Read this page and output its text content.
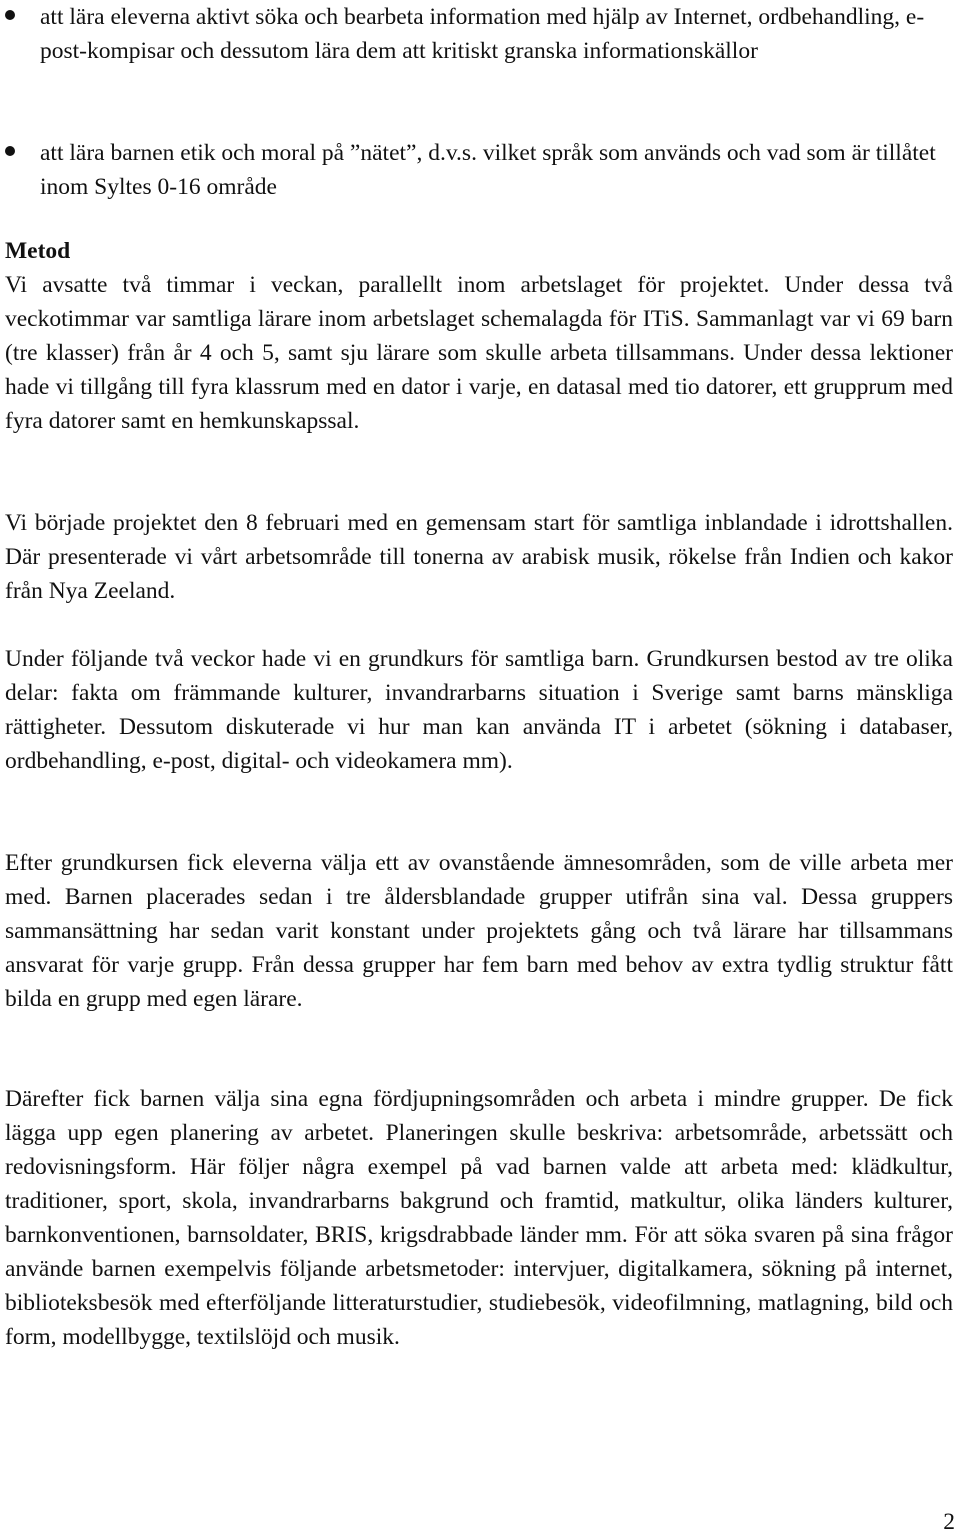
att lära eleverna aktivt söka och bearbeta information med hjälp av Internet, ordbehandling, e-post-kompisar och dessutom lära dem att kritiskt granska informationskällor
att lära barnen etik och moral på ”nätet”, d.v.s. vilket språk som används och vad som är tillåtet inom Syltes 0-16 område
Metod

Vi avsatte två timmar i veckan, parallellt inom arbetslaget för projektet. Under dessa två veckotimmar var samtliga lärare inom arbetslaget schemalagda för ITiS. Sammanlagt var vi 69 barn (tre klasser) från år 4 och 5, samt sju lärare som skulle arbeta tillsammans. Under dessa lektioner hade vi tillgång till fyra klassrum med en dator i varje, en datasal med tio datorer, ett grupprum med fyra datorer samt en hemkunskapssal.

Vi började projektet den 8 februari med en gemensam start för samtliga inblandade i idrottshallen. Där presenterade vi vårt arbetsområde till tonerna av arabisk musik, rökelse från Indien och kakor från Nya Zeeland.

Under följande två veckor hade vi en grundkurs för samtliga barn. Grundkursen bestod av tre olika delar: fakta om främmande kulturer, invandrarbarns situation i Sverige samt barns mänskliga rättigheter. Dessutom diskuterade vi hur man kan använda IT i arbetet (sökning i databaser, ordbehandling, e-post, digital- och videokamera mm).

Efter grundkursen fick eleverna välja ett av ovanstående ämnesområden, som de ville arbeta mer med. Barnen placerades sedan i tre åldersblandade grupper utifrån sina val. Dessa gruppers sammansättning har sedan varit konstant under projektets gång och två lärare har tillsammans ansvarat för varje grupp. Från dessa grupper har fem barn med behov av extra tydlig struktur fått bilda en grupp med egen lärare.

Därefter fick barnen välja sina egna fördjupningsområden och arbeta i mindre grupper. De fick lägga upp egen planering av arbetet. Planeringen skulle beskriva: arbetsområde, arbetssätt och redovisningsform. Här följer några exempel på vad barnen valde att arbeta med: klädkultur, traditioner, sport, skola, invandrarbarns bakgrund och framtid, matkultur, olika länders kulturer, barnkonventionen, barnsoldater, BRIS, krigsdrabbade länder mm. För att söka svaren på sina frågor använde barnen exempelvis följande arbetsmetoder: intervjuer, digitalkamera, sökning på internet, biblioteksbesök med efterföljande litteraturstudier, studiebesök, videofilmning, matlagning, bild och form, modellbygge, textilslöjd och musik.

2
